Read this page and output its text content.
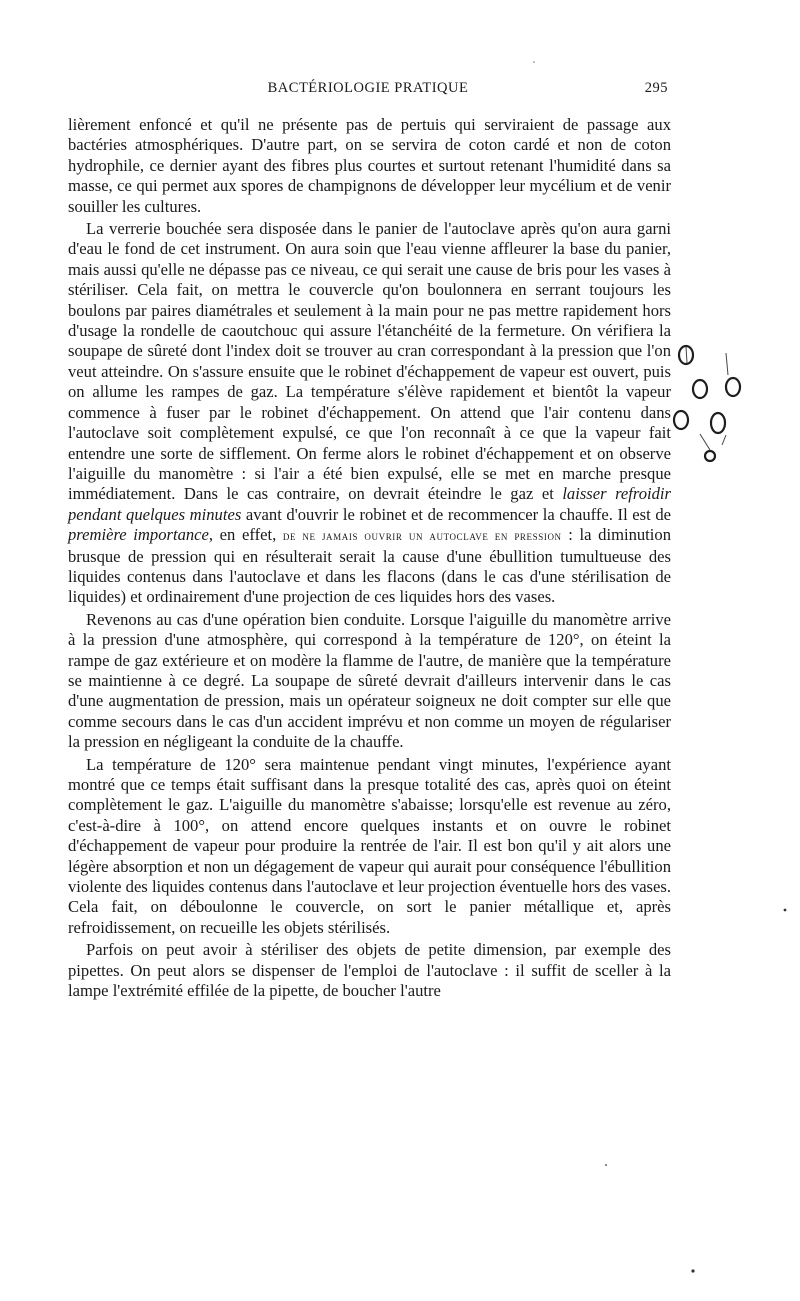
BACTÉRIOLOGIE PRATIQUE	295

lièrement enfoncé et qu'il ne présente pas de pertuis qui serviraient de passage aux bactéries atmosphériques. D'autre part, on se servira de coton cardé et non de coton hydrophile, ce dernier ayant des fibres plus courtes et surtout retenant l'humidité dans sa masse, ce qui permet aux spores de champignons de développer leur mycélium et de venir souiller les cultures.

La verrerie bouchée sera disposée dans le panier de l'autoclave après qu'on aura garni d'eau le fond de cet instrument. On aura soin que l'eau vienne affleurer la base du panier, mais aussi qu'elle ne dépasse pas ce niveau, ce qui serait une cause de bris pour les vases à stériliser. Cela fait, on mettra le couvercle qu'on boulonnera en serrant toujours les boulons par paires diamétrales et seulement à la main pour ne pas mettre rapidement hors d'usage la rondelle de caoutchouc qui assure l'étanchéité de la fermeture. On vérifiera la soupape de sûreté dont l'index doit se trouver au cran correspondant à la pression que l'on veut atteindre. On s'assure ensuite que le robinet d'échappement de vapeur est ouvert, puis on allume les rampes de gaz. La température s'élève rapidement et bientôt la vapeur commence à fuser par le robinet d'échappement. On attend que l'air contenu dans l'autoclave soit complètement expulsé, ce que l'on reconnaît à ce que la vapeur fait entendre une sorte de sifflement. On ferme alors le robinet d'échappement et on observe l'aiguille du manomètre : si l'air a été bien expulsé, elle se met en marche presque immédiatement. Dans le cas contraire, on devrait éteindre le gaz et laisser refroidir pendant quelques minutes avant d'ouvrir le robinet et de recommencer la chauffe. Il est de première importance, en effet, de ne jamais ouvrir un autoclave en pression : la diminution brusque de pression qui en résulterait serait la cause d'une ébullition tumultueuse des liquides contenus dans l'autoclave et dans les flacons (dans le cas d'une stérilisation de liquides) et ordinairement d'une projection de ces liquides hors des vases.

Revenons au cas d'une opération bien conduite. Lorsque l'aiguille du manomètre arrive à la pression d'une atmosphère, qui correspond à la température de 120°, on éteint la rampe de gaz extérieure et on modère la flamme de l'autre, de manière que la température se maintienne à ce degré. La soupape de sûreté devrait d'ailleurs intervenir dans le cas d'une augmentation de pression, mais un opérateur soigneux ne doit compter sur elle que comme secours dans le cas d'un accident imprévu et non comme un moyen de régulariser la pression en négligeant la conduite de la chauffe.

La température de 120° sera maintenue pendant vingt minutes, l'expérience ayant montré que ce temps était suffisant dans la presque totalité des cas, après quoi on éteint complètement le gaz. L'aiguille du manomètre s'abaisse; lorsqu'elle est revenue au zéro, c'est-à-dire à 100°, on attend encore quelques instants et on ouvre le robinet d'échappement de vapeur pour produire la rentrée de l'air. Il est bon qu'il y ait alors une légère absorption et non un dégagement de vapeur qui aurait pour conséquence l'ébullition violente des liquides contenus dans l'autoclave et leur projection éventuelle hors des vases. Cela fait, on déboulonne le couvercle, on sort le panier métallique et, après refroidissement, on recueille les objets stérilisés.

Parfois on peut avoir à stériliser des objets de petite dimension, par exemple des pipettes. On peut alors se dispenser de l'emploi de l'autoclave : il suffit de sceller à la lampe l'extrémité effilée de la pipette, de boucher l'autre
